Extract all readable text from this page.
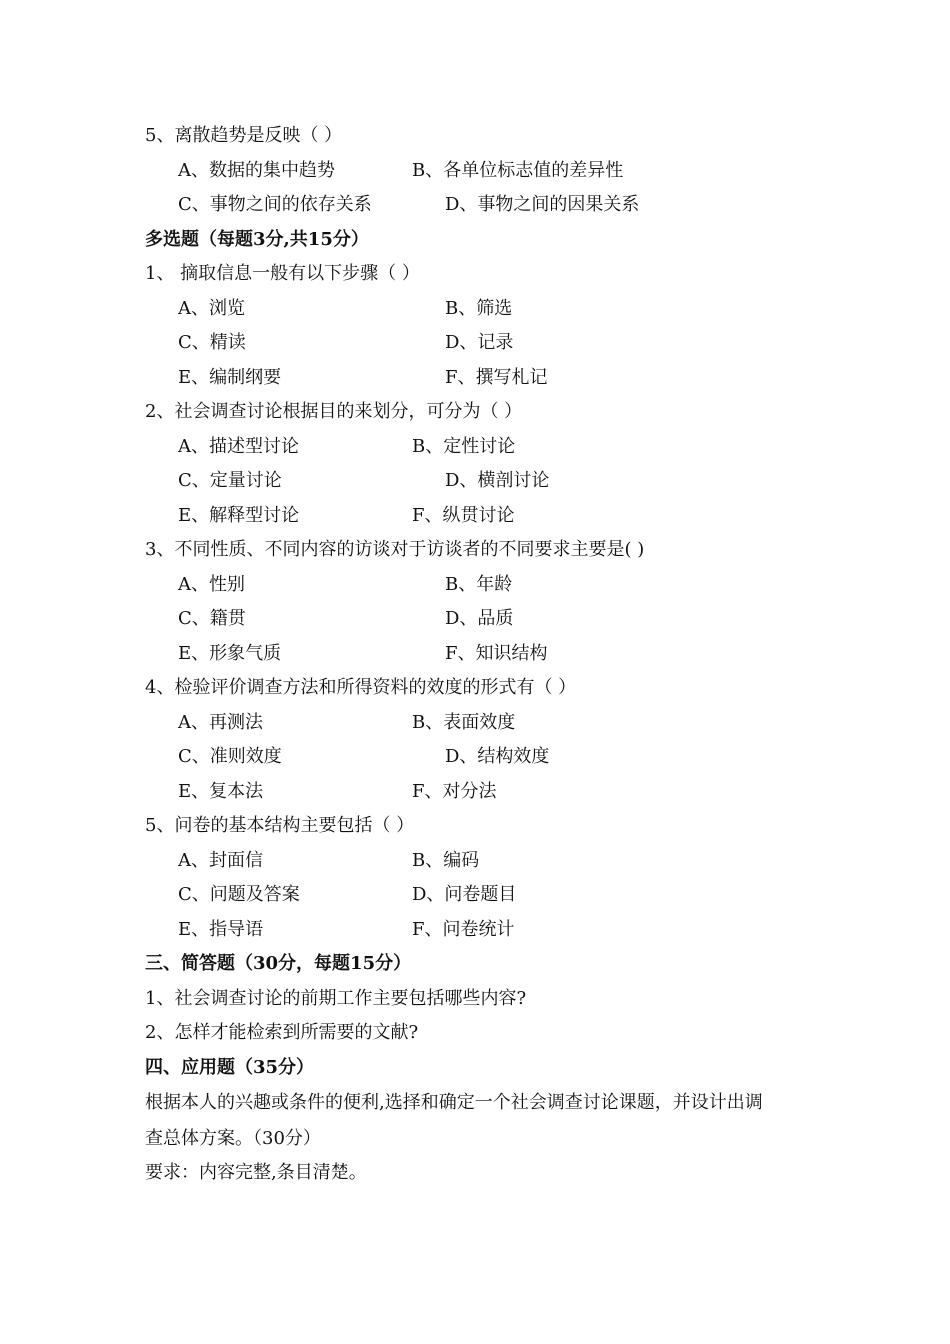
5、离散趋势是反映（ ）
A、数据的集中趋势	B、各单位标志值的差异性
C、事物之间的依存关系	D、事物之间的因果关系
多选题（每题3分,共15分）
1、 摘取信息一般有以下步骤（ ）
A、浏览	B、筛选
C、精读	D、记录
E、编制纲要	F、撰写札记
2、社会调查讨论根据目的来划分，可分为（ ）
A、描述型讨论	B、定性讨论
C、定量讨论	D、横剖讨论
E、解释型讨论	F、纵贯讨论
3、不同性质、不同内容的访谈对于访谈者的不同要求主要是( )
A、性别	B、年龄
C、籍贯	D、品质
E、形象气质	F、知识结构
4、检验评价调查方法和所得资料的效度的形式有（ ）
A、再测法	B、表面效度
C、准则效度	D、结构效度
E、复本法	F、对分法
5、问卷的基本结构主要包括（ ）
A、封面信	B、编码
C、问题及答案	D、问卷题目
E、指导语	F、问卷统计
三、简答题（30分，每题15分）
1、社会调查讨论的前期工作主要包括哪些内容?
2、怎样才能检索到所需要的文献?
四、应用题（35分）
根据本人的兴趣或条件的便利,选择和确定一个社会调查讨论课题，并设计出调
查总体方案。（30分）
要求：内容完整,条目清楚。
